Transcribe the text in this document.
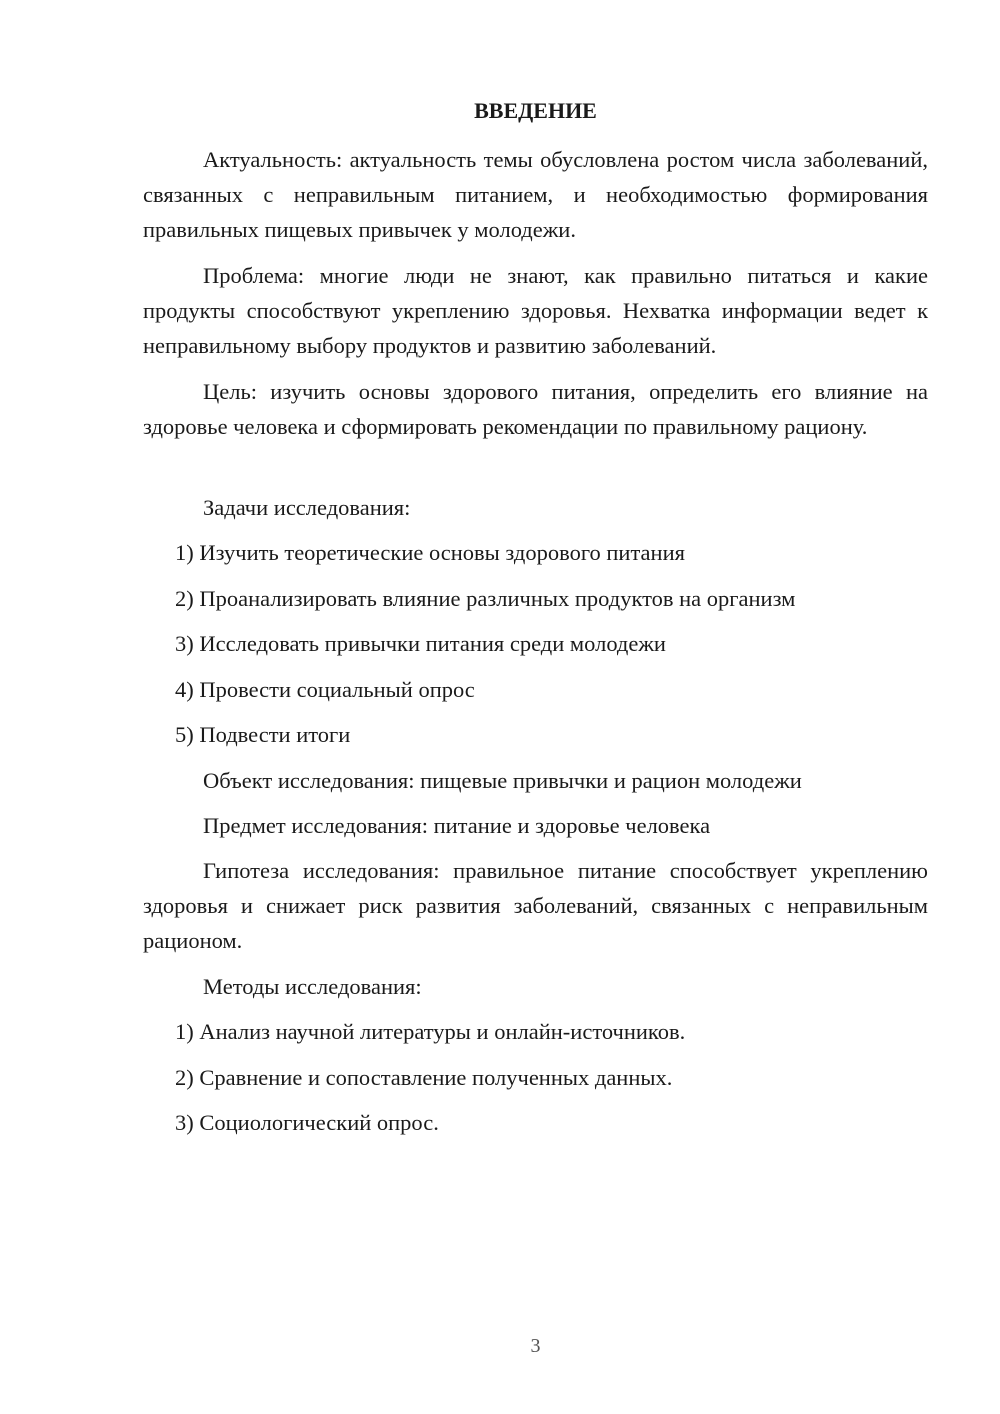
ВВЕДЕНИЕ

Актуальность: актуальность темы обусловлена ростом числа заболеваний, связанных с неправильным питанием, и необходимостью формирования правильных пищевых привычек у молодежи.

Проблема: многие люди не знают, как правильно питаться и какие продукты способствуют укреплению здоровья. Нехватка информации ведет к неправильному выбору продуктов и развитию заболеваний.

Цель: изучить основы здорового питания, определить его влияние на здоровье человека и сформировать рекомендации по правильному рациону.

Задачи исследования:

1) Изучить теоретические основы здорового питания

2) Проанализировать влияние различных продуктов на организм

3) Исследовать привычки питания среди молодежи

4) Провести социальный опрос

5) Подвести итоги

Объект исследования: пищевые привычки и рацион молодежи

Предмет исследования: питание и здоровье человека

Гипотеза исследования: правильное питание способствует укреплению здоровья и снижает риск развития заболеваний, связанных с неправильным рационом.

Методы исследования:

1) Анализ научной литературы и онлайн-источников.

2) Сравнение и сопоставление полученных данных.

3) Социологический опрос.

3
